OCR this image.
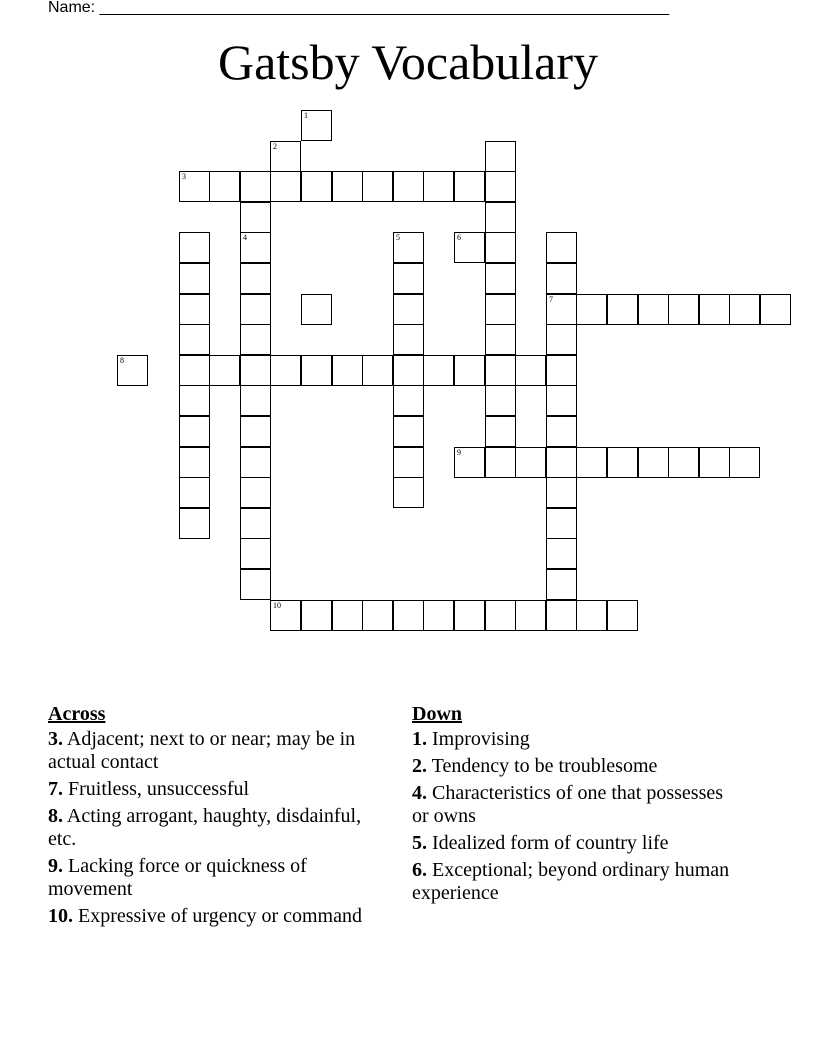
Name: ________________________________________________________________
Gatsby Vocabulary
2
3
4	5
7
9
10
1
6
8
Across
3. Adjacent; next to or near; may be in actual contact
7. Fruitless, unsuccessful
8. Acting arrogant, haughty, disdainful, etc.
9. Lacking force or quickness of movement
10. Expressive of urgency or command
Down
1. Improvising
2. Tendency to be troublesome
4. Characteristics of one that possesses or owns
5. Idealized form of country life
6. Exceptional; beyond ordinary human experience
